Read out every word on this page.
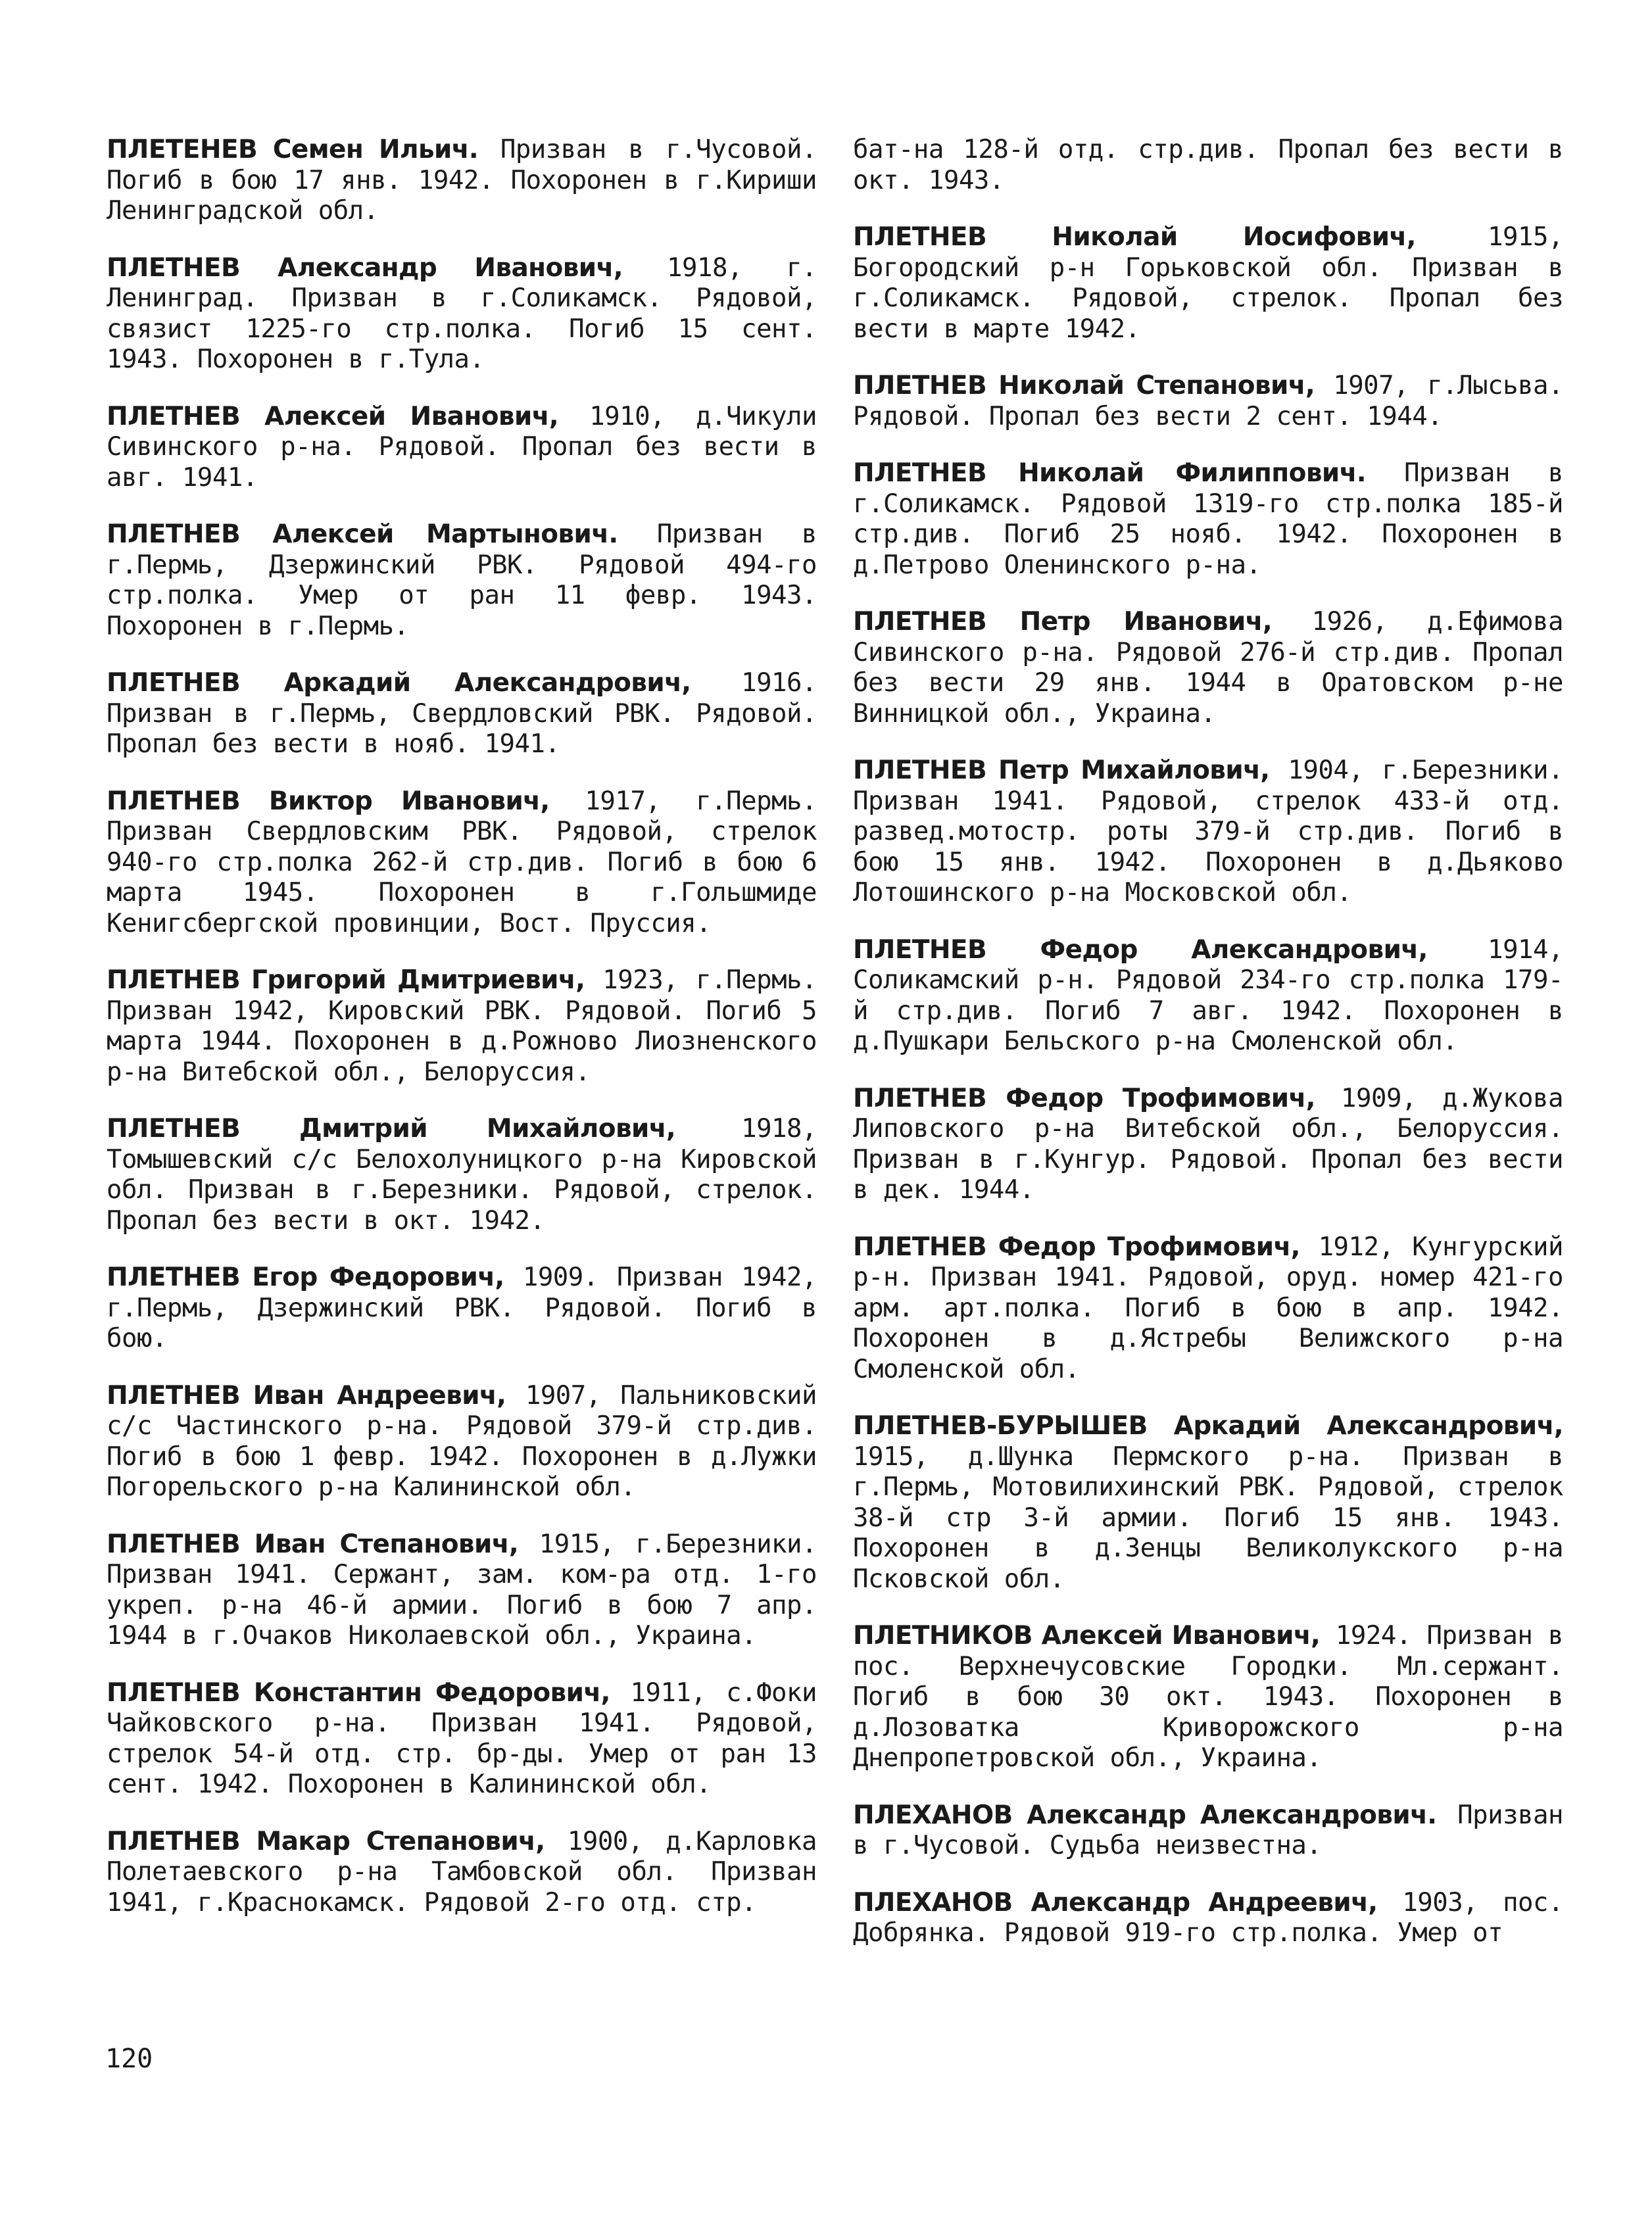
ПЛЕТЕНЕВ Семен Ильич. Призван в г.Чусовой. Погиб в бою 17 янв. 1942. Похоронен в г.Кириши Ленинградской обл.

ПЛЕТНЕВ Александр Иванович, 1918, г. Ленинград. Призван в г.Соликамск. Рядовой, связист 1225-го стр.полка. Погиб 15 сент. 1943. Похоронен в г.Тула.

ПЛЕТНЕВ Алексей Иванович, 1910, д.Чикули Сивинского р-на. Рядовой. Пропал без вести в авг. 1941.

ПЛЕТНЕВ Алексей Мартынович. Призван в г.Пермь, Дзержинский РВК. Рядовой 494-го стр.полка. Умер от ран 11 февр. 1943. Похоронен в г.Пермь.

ПЛЕТНЕВ Аркадий Александрович, 1916. Призван в г.Пермь, Свердловский РВК. Рядовой. Пропал без вести в нояб. 1941.

ПЛЕТНЕВ Виктор Иванович, 1917, г.Пермь. Призван Свердловским РВК. Рядовой, стрелок 940-го стр.полка 262-й стр.див. Погиб в бою 6 марта 1945. Похоронен в г.Гольшмиде Кенигсбергской провинции, Вост. Пруссия.

ПЛЕТНЕВ Григорий Дмитриевич, 1923, г.Пермь. Призван 1942, Кировский РВК. Рядовой. Погиб 5 марта 1944. Похоронен в д.Рожново Лиозненского р-на Витебской обл., Белоруссия.

ПЛЕТНЕВ Дмитрий Михайлович, 1918, Томышевский с/с Белохолуницкого р-на Кировской обл. Призван в г.Березники. Рядовой, стрелок. Пропал без вести в окт. 1942.

ПЛЕТНЕВ Егор Федорович, 1909. Призван 1942, г.Пермь, Дзержинский РВК. Рядовой. Погиб в бою.

ПЛЕТНЕВ Иван Андреевич, 1907, Пальниковский с/с Частинского р-на. Рядовой 379-й стр.див. Погиб в бою 1 февр. 1942. Похоронен в д.Лужки Погорельского р-на Калининской обл.

ПЛЕТНЕВ Иван Степанович, 1915, г.Березники. Призван 1941. Сержант, зам. ком-ра отд. 1-го укреп. р-на 46-й армии. Погиб в бою 7 апр. 1944 в г.Очаков Николаевской обл., Украина.

ПЛЕТНЕВ Константин Федорович, 1911, с.Фоки Чайковского р-на. Призван 1941. Рядовой, стрелок 54-й отд. стр. бр-ды. Умер от ран 13 сент. 1942. Похоронен в Калининской обл.

ПЛЕТНЕВ Макар Степанович, 1900, д.Карловка Полетаевского р-на Тамбовской обл. Призван 1941, г.Краснокамск. Рядовой 2-го отд. стр.

бат-на 128-й отд. стр.див. Пропал без вести в окт. 1943.

ПЛЕТНЕВ Николай Иосифович, 1915, Богородский р-н Горьковской обл. Призван в г.Соликамск. Рядовой, стрелок. Пропал без вести в марте 1942.

ПЛЕТНЕВ Николай Степанович, 1907, г.Лысьва. Рядовой. Пропал без вести 2 сент. 1944.

ПЛЕТНЕВ Николай Филиппович. Призван в г.Соликамск. Рядовой 1319-го стр.полка 185-й стр.див. Погиб 25 нояб. 1942. Похоронен в д.Петрово Оленинского р-на.

ПЛЕТНЕВ Петр Иванович, 1926, д.Ефимова Сивинского р-на. Рядовой 276-й стр.див. Пропал без вести 29 янв. 1944 в Оратовском р-не Винницкой обл., Украина.

ПЛЕТНЕВ Петр Михайлович, 1904, г.Березники. Призван 1941. Рядовой, стрелок 433-й отд. развед.мотостр. роты 379-й стр.див. Погиб в бою 15 янв. 1942. Похоронен в д.Дьяково Лотошинского р-на Московской обл.

ПЛЕТНЕВ Федор Александрович, 1914, Соликамский р-н. Рядовой 234-го стр.полка 179-й стр.див. Погиб 7 авг. 1942. Похоронен в д.Пушкари Бельского р-на Смоленской обл.

ПЛЕТНЕВ Федор Трофимович, 1909, д.Жукова Липовского р-на Витебской обл., Белоруссия. Призван в г.Кунгур. Рядовой. Пропал без вести в дек. 1944.

ПЛЕТНЕВ Федор Трофимович, 1912, Кунгурский р-н. Призван 1941. Рядовой, оруд. номер 421-го арм. арт.полка. Погиб в бою в апр. 1942. Похоронен в д.Ястребы Велижского р-на Смоленской обл.

ПЛЕТНЕВ-БУРЫШЕВ Аркадий Александрович, 1915, д.Шунка Пермского р-на. Призван в г.Пермь, Мотовилихинский РВК. Рядовой, стрелок 38-й стр 3-й армии. Погиб 15 янв. 1943. Похоронен в д.Зенцы Великолукского р-на Псковской обл.

ПЛЕТНИКОВ Алексей Иванович, 1924. Призван в пос. Верхнечусовские Городки. Мл.сержант. Погиб в бою 30 окт. 1943. Похоронен в д.Лозоватка Криворожского р-на Днепропетровской обл., Украина.

ПЛЕХАНОВ Александр Александрович. Призван в г.Чусовой. Судьба неизвестна.

ПЛЕХАНОВ Александр Андреевич, 1903, пос. Добрянка. Рядовой 919-го стр.полка. Умер от

120
